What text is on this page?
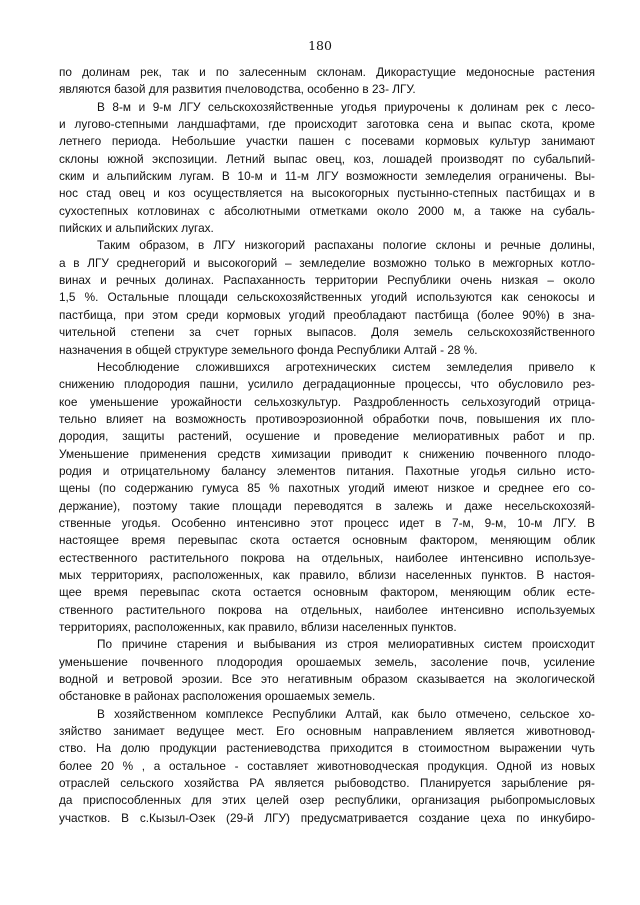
180
по долинам рек, так и по залесенным склонам. Дикорастущие медоносные растения
являются базой для развития пчеловодства, особенно в 23- ЛГУ.
В 8-м и 9-м ЛГУ сельскохозяйственные угодья приурочены к долинам рек с лесо-
и лугово-степными ландшафтами, где происходит заготовка сена и выпас скота, кроме
летнего периода. Небольшие участки пашен с посевами кормовых культур занимают
склоны южной экспозиции. Летний выпас овец, коз, лошадей производят по субальпий-
ским и альпийским лугам. В 10-м и 11-м ЛГУ возможности земледелия ограничены. Вы-
нос стад овец и коз осуществляется на высокогорных пустынно-степных пастбищах и в
сухостепных котловинах с абсолютными отметками около 2000 м, а также на субаль-
пийских и альпийских лугах.
Таким образом, в ЛГУ низкогорий распаханы пологие склоны и речные долины,
а в ЛГУ среднегорий и высокогорий – земледелие возможно только в межгорных котло-
винах и речных долинах. Распаханность территории Республики очень низкая – около
1,5 %. Остальные площади сельскохозяйственных угодий используются как сенокосы и
пастбища, при этом среди кормовых угодий преобладают пастбища (более 90%) в зна-
чительной степени за счет горных выпасов. Доля земель сельскохозяйственного
назначения в общей структуре земельного фонда Республики Алтай - 28 %.
Несоблюдение сложившихся агротехнических систем земледелия привело к
снижению плодородия пашни, усилило деградационные процессы, что обусловило рез-
кое уменьшение урожайности сельхозкультур. Раздробленность сельхозугодий отрица-
тельно влияет на возможность противоэрозионной обработки почв, повышения их пло-
дородия, защиты растений, осушение и проведение мелиоративных работ и пр.
Уменьшение применения средств химизации приводит к снижению почвенного плодо-
родия и отрицательному балансу элементов питания. Пахотные угодья сильно исто-
щены (по содержанию гумуса 85 % пахотных угодий имеют низкое и среднее его со-
держание), поэтому такие площади переводятся в залежь и даже несельскохозяй-
ственные угодья. Особенно интенсивно этот процесс идет в 7-м, 9-м, 10-м ЛГУ. В
настоящее время перевыпас скота остается основным фактором, меняющим облик
естественного растительного покрова на отдельных, наиболее интенсивно используе-
мых территориях, расположенных, как правило, вблизи населенных пунктов. В настоя-
щее время перевыпас скота остается основным фактором, меняющим облик есте-
ственного растительного покрова на отдельных, наиболее интенсивно используемых
территориях, расположенных, как правило, вблизи населенных пунктов.
По причине старения и выбывания из строя мелиоративных систем происходит
уменьшение почвенного плодородия орошаемых земель, засоление почв, усиление
водной и ветровой эрозии. Все это негативным образом сказывается на экологической
обстановке в районах расположения орошаемых земель.
В хозяйственном комплексе Республики Алтай, как было отмечено, сельское хо-
зяйство занимает ведущее мест. Его основным направлением является животновод-
ство. На долю продукции растениеводства приходится в стоимостном выражении чуть
более 20 % , а остальное - составляет животноводческая продукция. Одной из новых
отраслей сельского хозяйства РА является рыбоводство. Планируется зарыбление ря-
да приспособленных для этих целей озер республики, организация рыбопромысловых
участков. В с.Кызыл-Озек (29-й ЛГУ) предусматривается создание цеха по инкубиро-
